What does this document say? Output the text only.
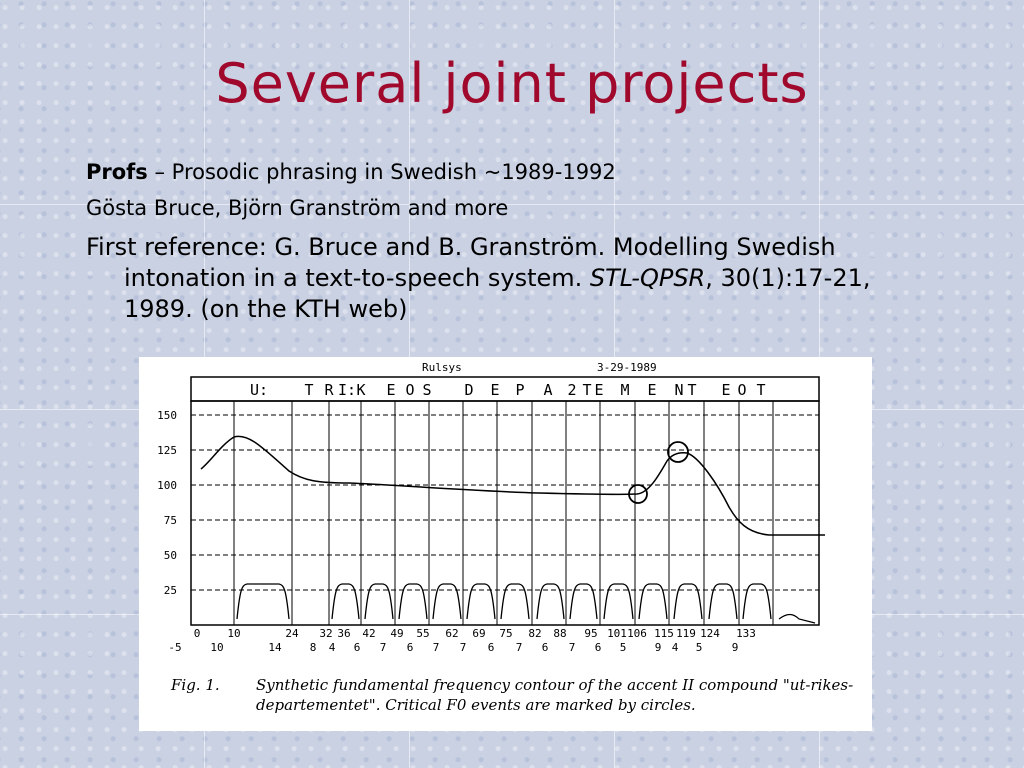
Several joint projects
Profs – Prosodic phrasing in Swedish ~1989-1992
Gösta Bruce, Björn Granström and more
First reference: G. Bruce and B. Granström. Modelling Swedish intonation in a text-to-speech system. STL-QPSR, 30(1):17-21, 1989. (on the KTH web)
Rulsys	3-29-1989
U: T R I: K E O S D E P A 2 T E M E N T E O T
150
125
100
75
50
25
0 10	24 32 36 42 49 55 62 69 75 82 88 95 101 106 115 119 124 133
-5	10	14	8 4 6 7 6 7 7 6 7 6 7 6 5	9 4 5	9
Fig. 1. Synthetic fundamental frequency contour of the accent II compound "ut-rikes-departementet". Critical F0 events are marked by circles.
